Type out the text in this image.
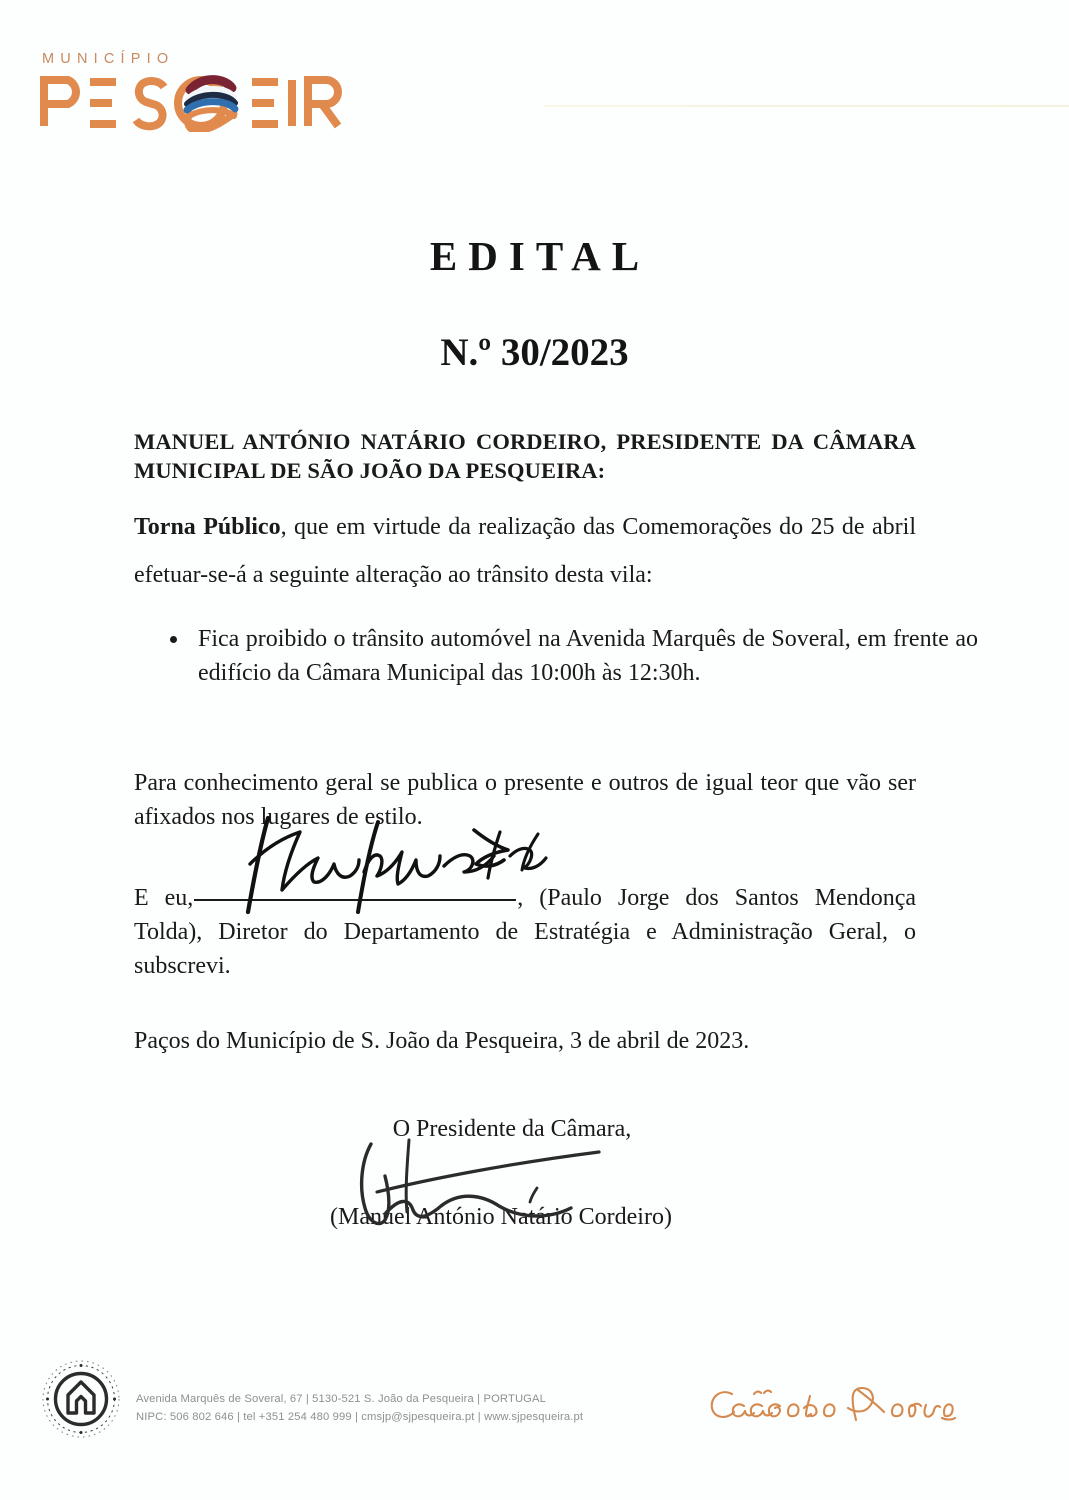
MUNICÍPIO
EDITAL
N.º 30/2023
MANUEL ANTÓNIO NATÁRIO CORDEIRO, PRESIDENTE DA CÂMARA MUNICIPAL DE SÃO JOÃO DA PESQUEIRA:
Torna Público, que em virtude da realização das Comemorações do 25 de abril efetuar-se-á a seguinte alteração ao trânsito desta vila:
Fica proibido o trânsito automóvel na Avenida Marquês de Soveral, em frente ao edifício da Câmara Municipal das 10:00h às 12:30h.
Para conhecimento geral se publica o presente e outros de igual teor que vão ser afixados nos lugares de estilo.
E eu,	, (Paulo Jorge dos Santos Mendonça Tolda), Diretor do Departamento de Estratégia e Administração Geral, o subscrevi.
Paços do Município de S. João da Pesqueira, 3 de abril de 2023.
O Presidente da Câmara,
(Manuel António Natário Cordeiro)
Avenida Marquês de Soveral, 67 | 5130-521 S. João da Pesqueira | PORTUGAL
NIPC: 506 802 646 | tel +351 254 480 999 | cmsjp@sjpesqueira.pt | www.sjpesqueira.pt
